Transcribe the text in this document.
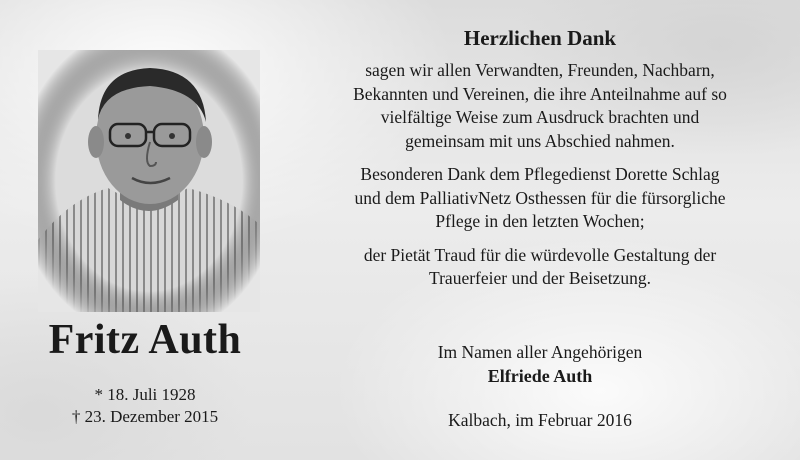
Fritz Auth
* 18. Juli 1928
† 23. Dezember 2015
Herzlichen Dank
sagen wir allen Verwandten, Freunden, Nachbarn,
Bekannten und Vereinen, die ihre Anteilnahme auf so
vielfältige Weise zum Ausdruck brachten und
gemeinsam mit uns Abschied nahmen.
Besonderen Dank dem Pflegedienst Dorette Schlag
und dem PalliativNetz Osthessen für die fürsorgliche
Pflege in den letzten Wochen;
der Pietät Traud für die würdevolle Gestaltung der
Trauerfeier und der Beisetzung.
Im Namen aller Angehörigen
Elfriede Auth
Kalbach, im Februar 2016
